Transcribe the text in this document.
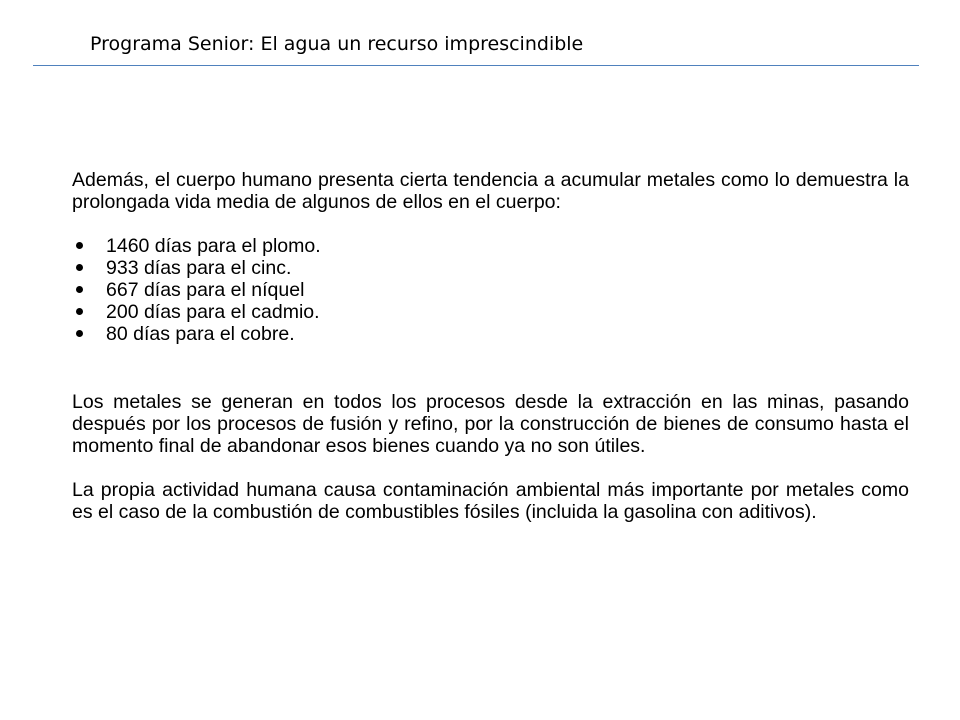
Programa Senior: El agua un recurso imprescindible

Además, el cuerpo humano presenta cierta tendencia a acumular metales como lo demuestra la prolongada vida media de algunos de ellos en el cuerpo:

1460 días para el plomo.
933 días para el cinc.
667 días para el níquel
200 días para el cadmio.
80 días para el cobre.

Los metales se generan en todos los procesos desde la extracción en las minas, pasando después por los procesos de fusión y refino, por la construcción de bienes de consumo hasta el momento final de abandonar esos bienes cuando ya no son útiles.

La propia actividad humana causa contaminación ambiental más importante por metales como es el caso de la combustión de combustibles fósiles (incluida la gasolina con aditivos).
